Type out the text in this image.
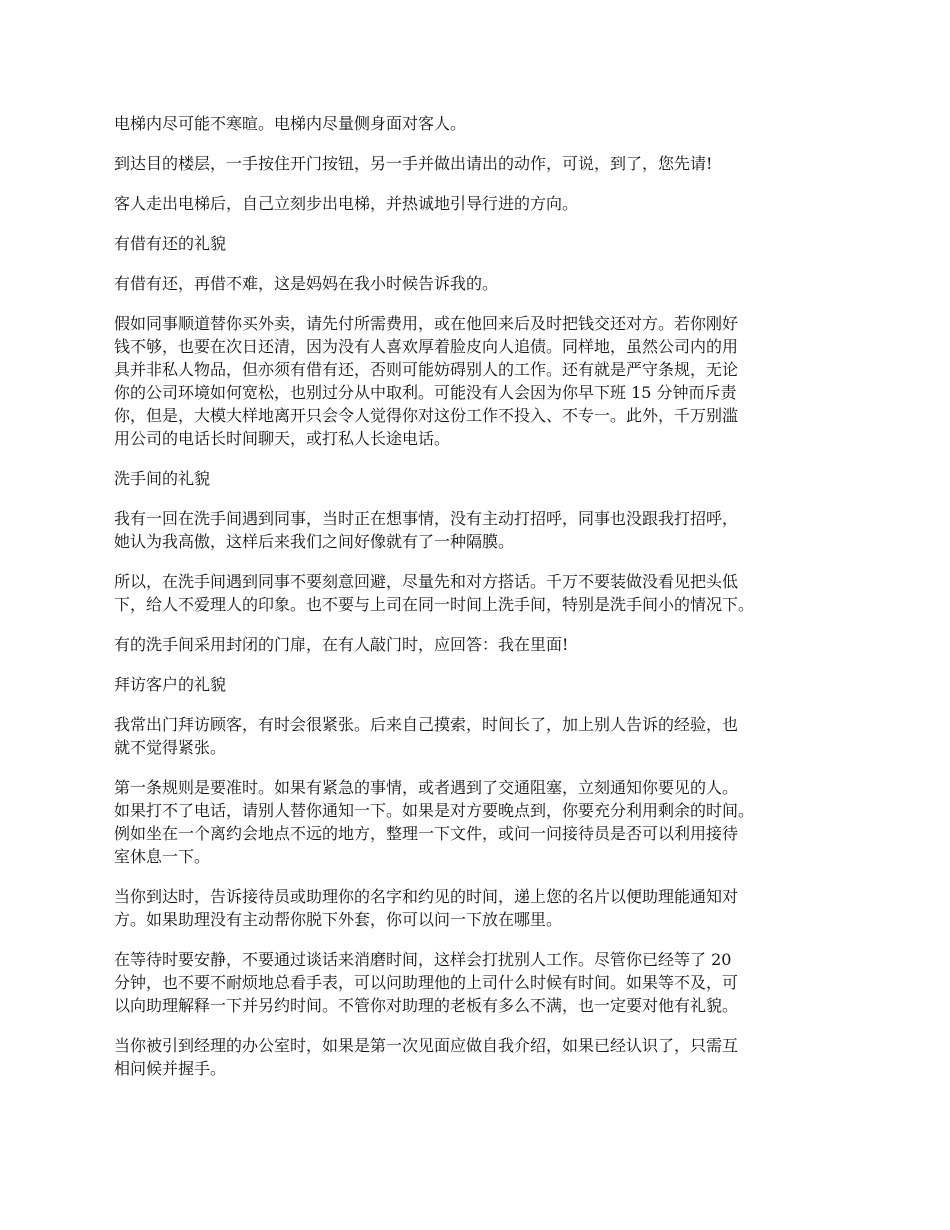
电梯内尽可能不寒暄。电梯内尽量侧身面对客人。

到达目的楼层，一手按住开门按钮，另一手并做出请出的动作，可说，到了，您先请!

客人走出电梯后，自己立刻步出电梯，并热诚地引导行进的方向。

有借有还的礼貌

有借有还，再借不难，这是妈妈在我小时候告诉我的。

假如同事顺道替你买外卖，请先付所需费用，或在他回来后及时把钱交还对方。若你刚好
钱不够，也要在次日还清，因为没有人喜欢厚着脸皮向人追债。同样地，虽然公司内的用
具并非私人物品，但亦须有借有还，否则可能妨碍别人的工作。还有就是严守条规，无论
你的公司环境如何宽松，也别过分从中取利。可能没有人会因为你早下班 15 分钟而斥责
你，但是，大模大样地离开只会令人觉得你对这份工作不投入、不专一。此外，千万别滥
用公司的电话长时间聊天，或打私人长途电话。

洗手间的礼貌

我有一回在洗手间遇到同事，当时正在想事情，没有主动打招呼，同事也没跟我打招呼，
她认为我高傲，这样后来我们之间好像就有了一种隔膜。

所以，在洗手间遇到同事不要刻意回避，尽量先和对方搭话。千万不要装做没看见把头低
下，给人不爱理人的印象。也不要与上司在同一时间上洗手间，特别是洗手间小的情况下。

有的洗手间采用封闭的门扉，在有人敲门时，应回答：我在里面!

拜访客户的礼貌

我常出门拜访顾客，有时会很紧张。后来自己摸索，时间长了，加上别人告诉的经验，也
就不觉得紧张。

第一条规则是要准时。如果有紧急的事情，或者遇到了交通阻塞，立刻通知你要见的人。
如果打不了电话，请别人替你通知一下。如果是对方要晚点到，你要充分利用剩余的时间。
例如坐在一个离约会地点不远的地方，整理一下文件，或问一问接待员是否可以利用接待
室休息一下。

当你到达时，告诉接待员或助理你的名字和约见的时间，递上您的名片以便助理能通知对
方。如果助理没有主动帮你脱下外套，你可以问一下放在哪里。

在等待时要安静，不要通过谈话来消磨时间，这样会打扰别人工作。尽管你已经等了 20
分钟，也不要不耐烦地总看手表，可以问助理他的上司什么时候有时间。如果等不及，可
以向助理解释一下并另约时间。不管你对助理的老板有多么不满，也一定要对他有礼貌。

当你被引到经理的办公室时，如果是第一次见面应做自我介绍，如果已经认识了，只需互
相问候并握手。
